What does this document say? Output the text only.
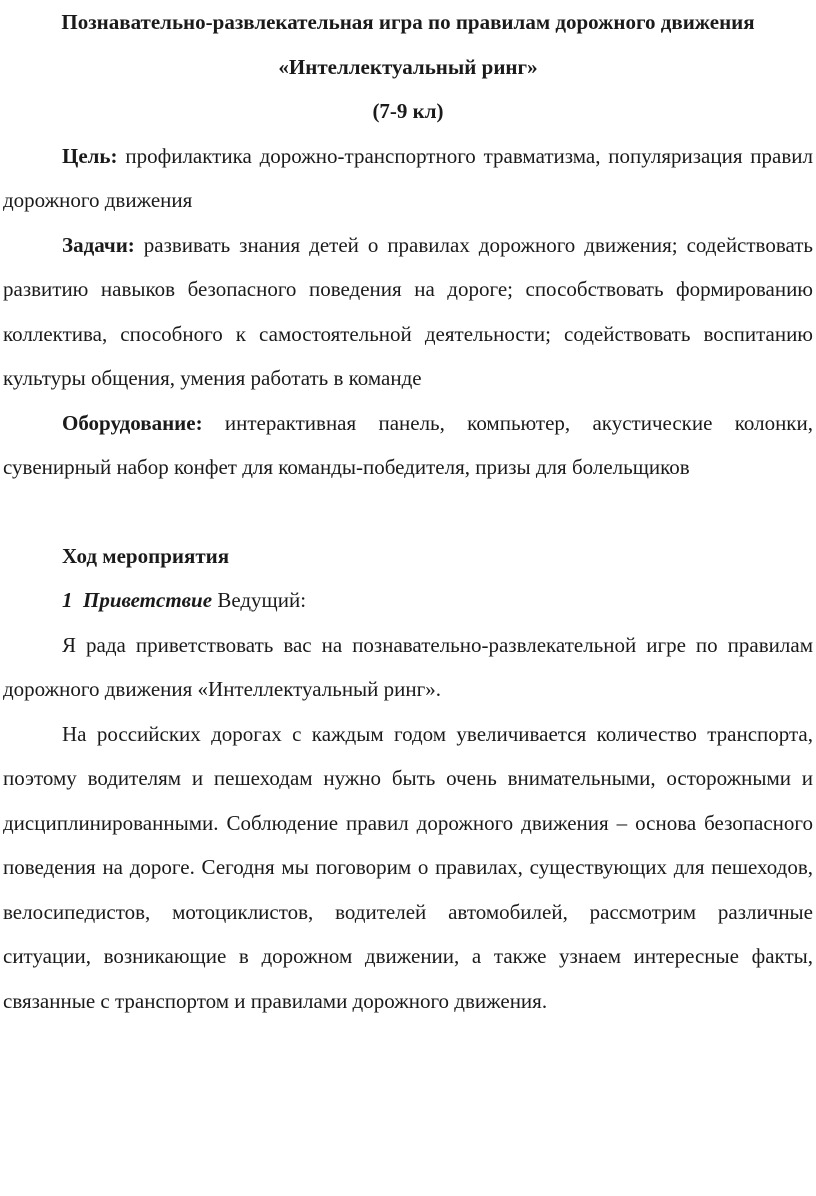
Познавательно-развлекательная игра по правилам дорожного движения
«Интеллектуальный ринг»
(7-9 кл)

Цель: профилактика дорожно-транспортного травматизма, популяризация правил дорожного движения

Задачи: развивать знания детей о правилах дорожного движения; содействовать развитию навыков безопасного поведения на дороге; способствовать формированию коллектива, способного к самостоятельной деятельности; содействовать воспитанию культуры общения, умения работать в команде

Оборудование: интерактивная панель, компьютер, акустические колонки, сувенирный набор конфет для команды-победителя, призы для болельщиков

Ход мероприятия

1 Приветствие Ведущий:

Я рада приветствовать вас на познавательно-развлекательной игре по правилам дорожного движения «Интеллектуальный ринг».

На российских дорогах с каждым годом увеличивается количество транспорта, поэтому водителям и пешеходам нужно быть очень внимательными, осторожными и дисциплинированными. Соблюдение правил дорожного движения – основа безопасного поведения на дороге. Сегодня мы поговорим о правилах, существующих для пешеходов, велосипедистов, мотоциклистов, водителей автомобилей, рассмотрим различные ситуации, возникающие в дорожном движении, а также узнаем интересные факты, связанные с транспортом и правилами дорожного движения.
